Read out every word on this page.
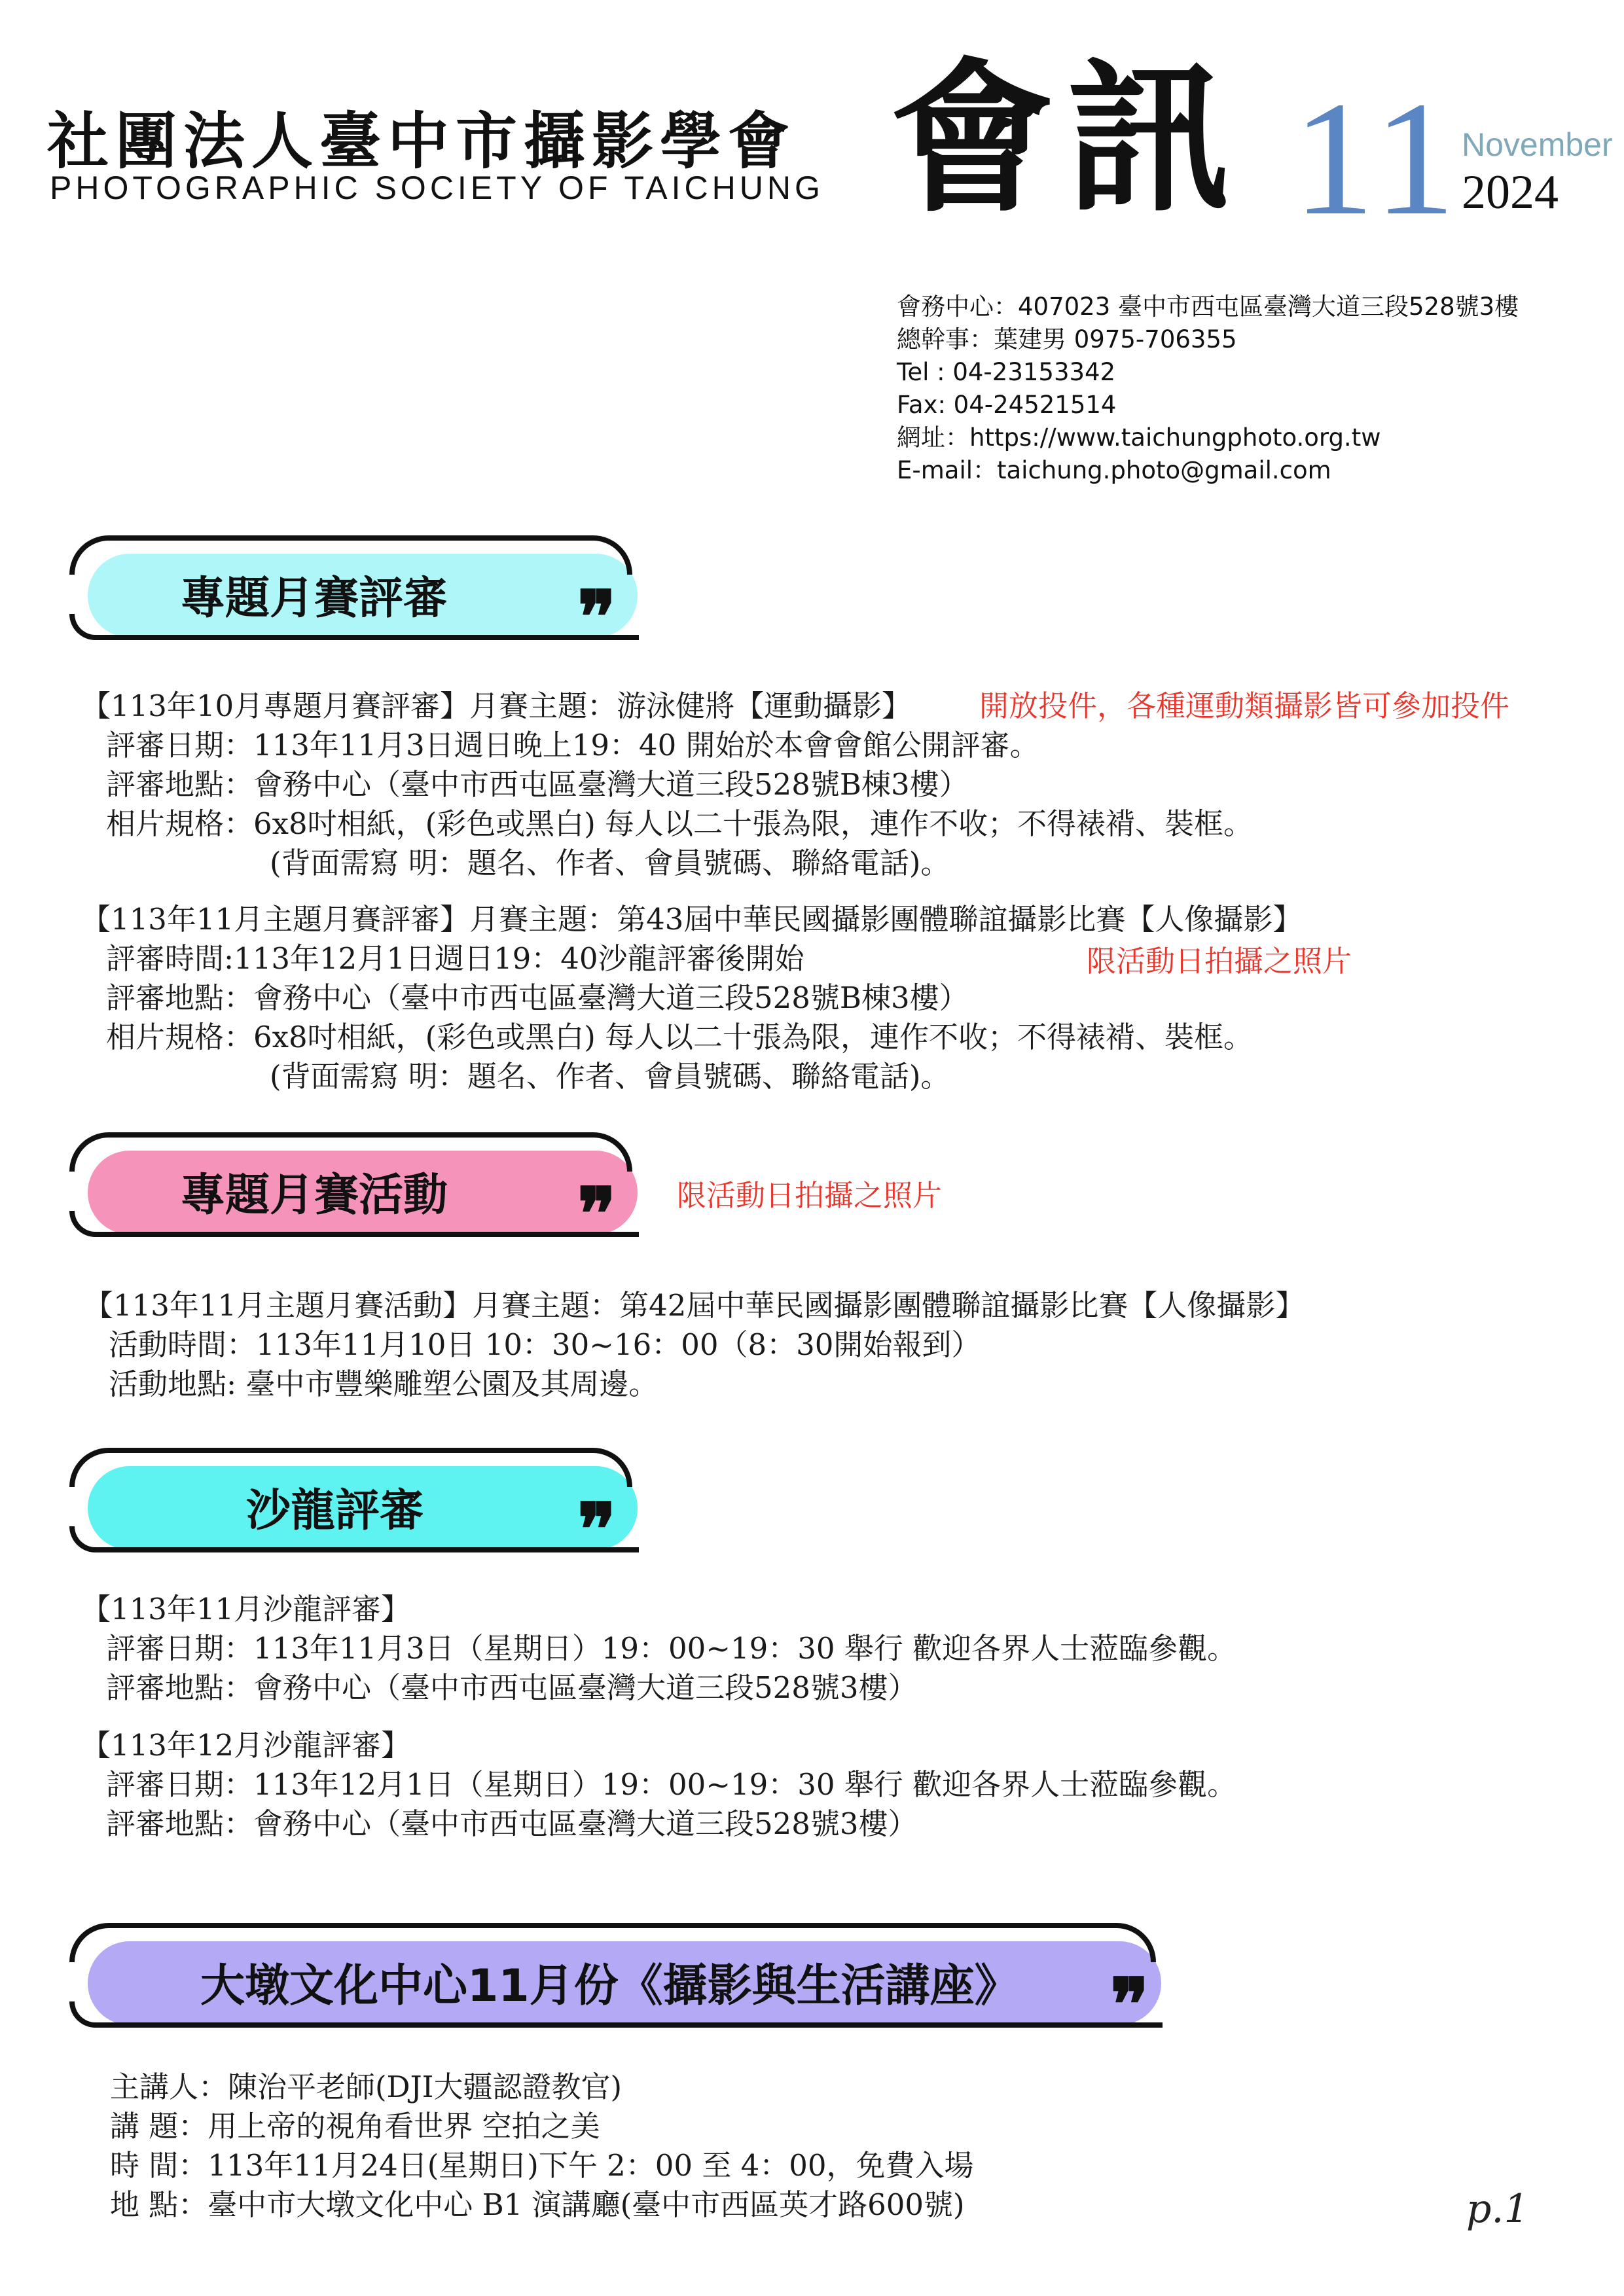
社團法人臺中市攝影學會
PHOTOGRAPHIC SOCIETY OF TAICHUNG 會訊 11 November
2024
會務中心：407023 臺中市西屯區臺灣大道三段528號3樓
總幹事：葉建男 0975-706355
Tel : 04-23153342
Fax: 04-24521514
網址：https://www.taichungphoto.org.tw
E-mail：taichung.photo@gmail.com
專題月賽評審 ❞
【113年10月專題月賽評審】月賽主題：游泳健將【運動攝影】 開放投件，各種運動類攝影皆可參加投件
評審日期：113年11月3日週日晚上19：40 開始於本會會館公開評審。
評審地點：會務中心（臺中市西屯區臺灣大道三段528號B棟3樓）
相片規格：6x8吋相紙，(彩色或黑白) 每人以二十張為限，連作不收；不得裱褙、裝框。
(背面需寫 明：題名、作者、會員號碼、聯絡電話)。
【113年11月主題月賽評審】月賽主題：第43屆中華民國攝影團體聯誼攝影比賽【人像攝影】
評審時間:113年12月1日週日19：40沙龍評審後開始	限活動日拍攝之照片
評審地點：會務中心（臺中市西屯區臺灣大道三段528號B棟3樓）
相片規格：6x8吋相紙，(彩色或黑白) 每人以二十張為限，連作不收；不得裱褙、裝框。
(背面需寫 明：題名、作者、會員號碼、聯絡電話)。
專題月賽活動 ❞ 限活動日拍攝之照片
【113年11月主題月賽活動】月賽主題：第42屆中華民國攝影團體聯誼攝影比賽【人像攝影】
活動時間：113年11月10日 10：30~16：00（8：30開始報到）
活動地點: 臺中市豐樂雕塑公園及其周邊。
沙龍評審 ❞
【113年11月沙龍評審】
評審日期：113年11月3日（星期日）19：00~19：30 舉行 歡迎各界人士蒞臨參觀。
評審地點：會務中心（臺中市西屯區臺灣大道三段528號3樓）
【113年12月沙龍評審】
評審日期：113年12月1日（星期日）19：00~19：30 舉行 歡迎各界人士蒞臨參觀。
評審地點：會務中心（臺中市西屯區臺灣大道三段528號3樓）
大墩文化中心11月份《攝影與生活講座》 ❞
主講人：陳治平老師(DJI大疆認證教官)
講 題：用上帝的視角看世界 空拍之美
時 間：113年11月24日(星期日)下午 2：00 至 4：00，免費入場
地 點：臺中市大墩文化中心 B1 演講廳(臺中市西區英才路600號)	p.1
